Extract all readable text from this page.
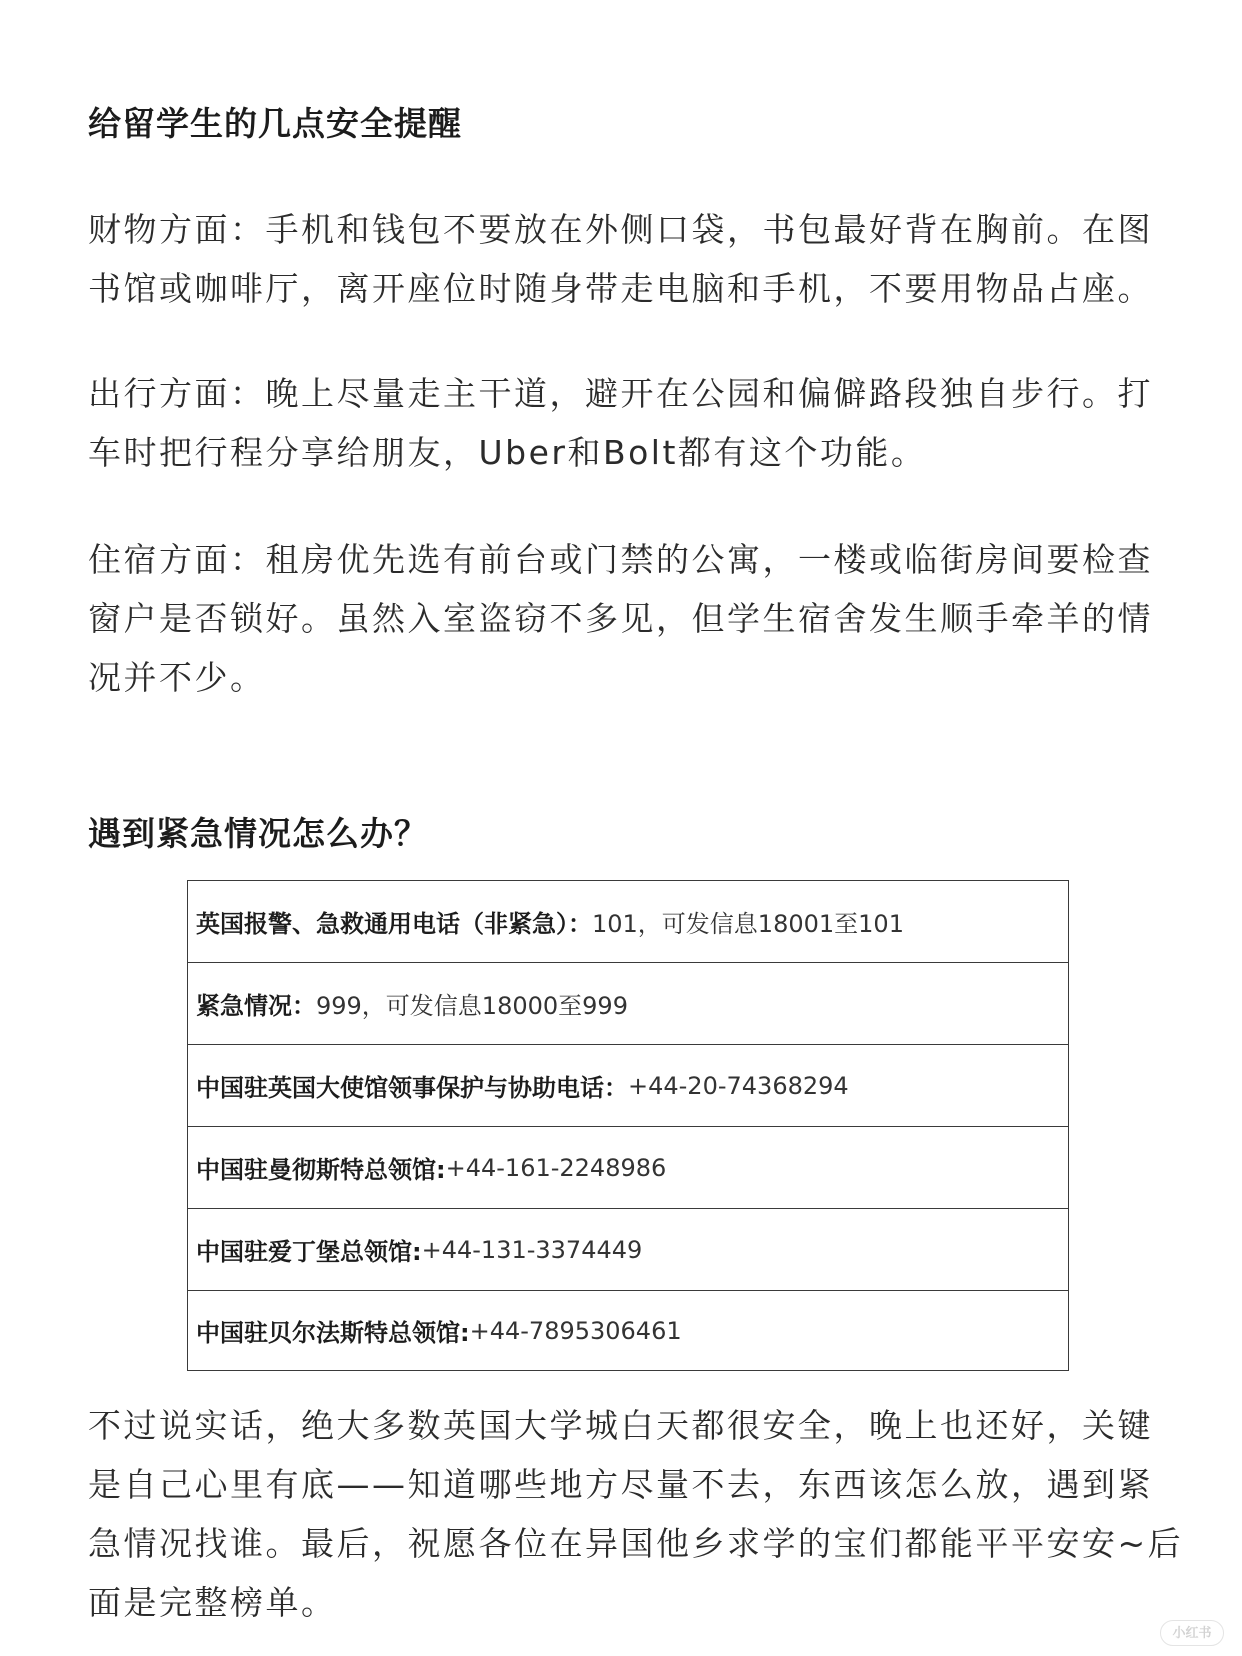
给留学生的几点安全提醒
财物方面：手机和钱包不要放在外侧口袋，书包最好背在胸前。在图
书馆或咖啡厅，离开座位时随身带走电脑和手机，不要用物品占座。
出行方面：晚上尽量走主干道，避开在公园和偏僻路段独自步行。打
车时把行程分享给朋友，Uber和Bolt都有这个功能。
住宿方面：租房优先选有前台或门禁的公寓，一楼或临街房间要检查
窗户是否锁好。虽然入室盗窃不多见，但学生宿舍发生顺手牵羊的情
况并不少。
遇到紧急情况怎么办？
英国报警、急救通用电话（非紧急）： 101，可发信息18001至101
紧急情况： 999，可发信息18000至999
中国驻英国大使馆领事保护与协助电话： +44-20-74368294
中国驻曼彻斯特总领馆: +44-161-2248986
中国驻爱丁堡总领馆: +44-131-3374449
中国驻贝尔法斯特总领馆: +44-7895306461
不过说实话，绝大多数英国大学城白天都很安全，晚上也还好，关键
是自己心里有底——知道哪些地方尽量不去，东西该怎么放，遇到紧
急情况找谁。最后，祝愿各位在异国他乡求学的宝们都能平平安安~后
面是完整榜单。
小红书
